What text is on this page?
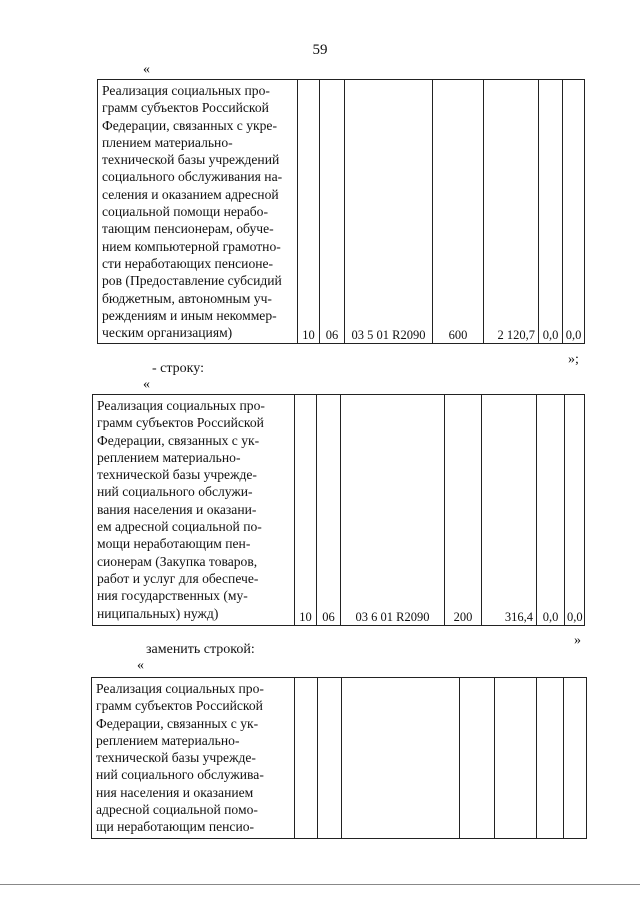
59
«
Реализация социальных про-
грамм субъектов Российской
Федерации, связанных с укре-
плением материально-
технической базы учреждений
социального обслуживания на-
селения и оказанием адресной
социальной помощи нерабо-
тающим пенсионерам, обуче-
нием компьютерной грамотно-
сти неработающих пенсионе-
ров (Предоставление субсидий
бюджетным, автономным уч-
реждениям и иным некоммер-
ческим организациям)	10	06	03 5 01 R2090	600	2 120,7	0,0	0,0
»;
- строку:
«
Реализация социальных про-
грамм субъектов Российской
Федерации, связанных с ук-
реплением материально-
технической базы учрежде-
ний социального обслужи-
вания населения и оказани-
ем адресной социальной по-
мощи неработающим пен-
сионерам (Закупка товаров,
работ и услуг для обеспече-
ния государственных (му-
ниципальных) нужд)	10	06	03 6 01 R2090	200	316,4	0,0	0,0
»
заменить строкой:
«
Реализация социальных про-
грамм субъектов Российской
Федерации, связанных с ук-
реплением материально-
технической базы учрежде-
ний социального обслужива-
ния населения и оказанием
адресной социальной помо-
щи неработающим пенсио-
